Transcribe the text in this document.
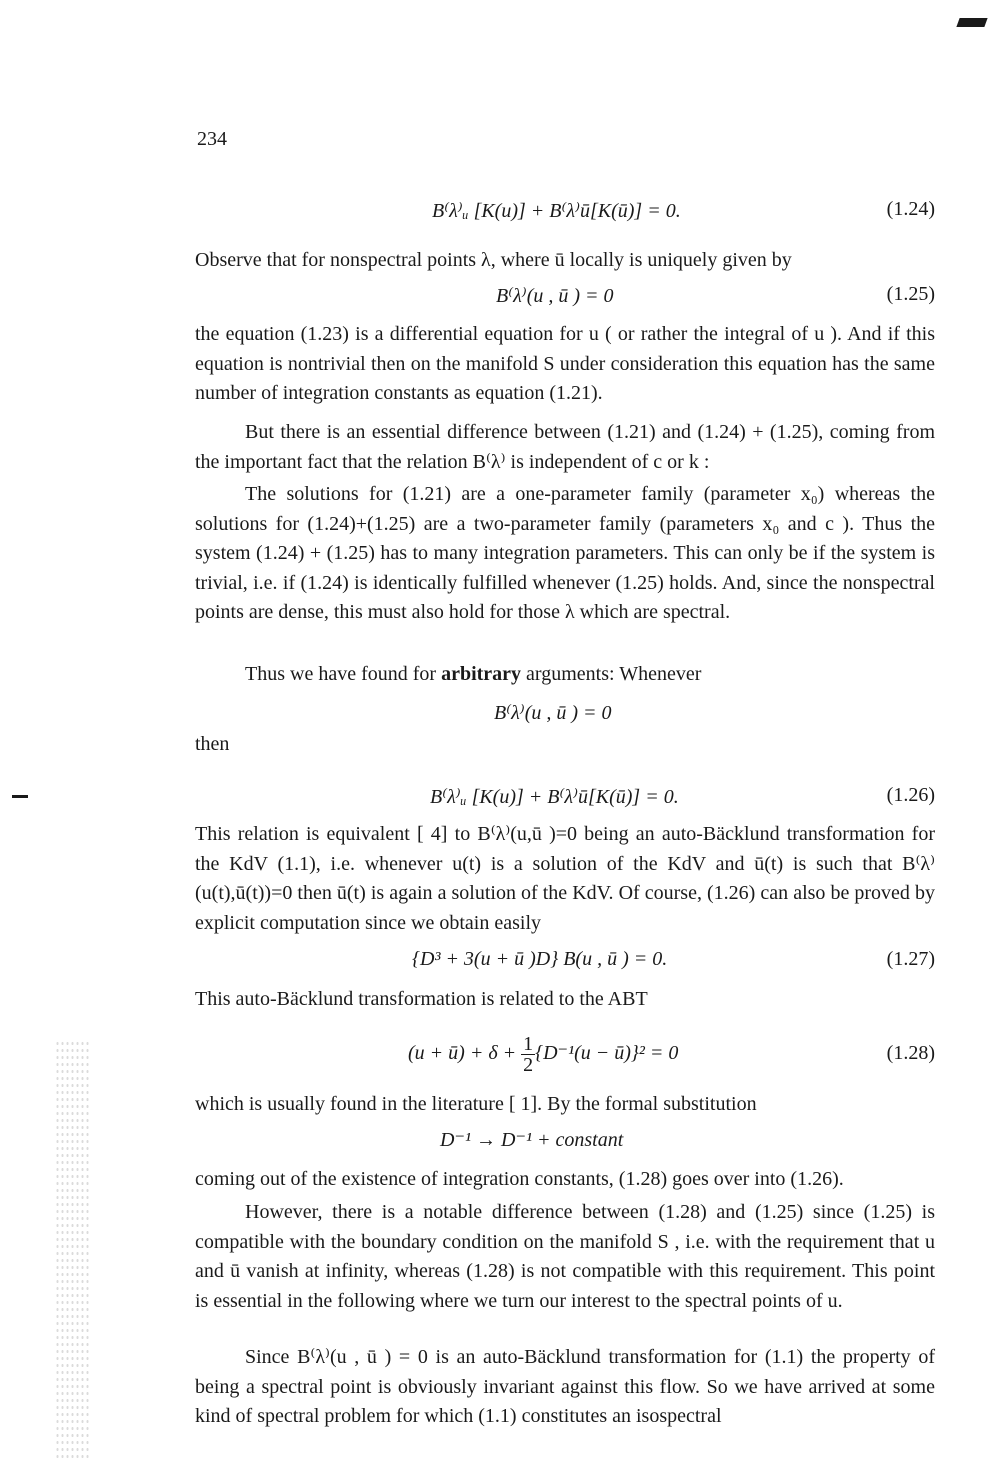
234
B⁽λ⁾ᵤ [K(u)] + B⁽λ⁾ū[K(ū)] = 0.	(1.24)
Observe that for nonspectral points λ, where ū locally is uniquely given by
B⁽λ⁾(u , ū ) = 0	(1.25)
the equation (1.23) is a differential equation for u ( or rather the integral of u ). And if this equation is nontrivial then on the manifold S under consideration this equation has the same number of integration constants as equation (1.21).
But there is an essential difference between (1.21) and (1.24) + (1.25), coming from the important fact that the relation B⁽λ⁾ is independent of c or k :
The solutions for (1.21) are a one-parameter family (parameter x₀) whereas the solutions for (1.24)+(1.25) are a two-parameter family (parameters x₀ and c ). Thus the system (1.24) + (1.25) has to many integration parameters. This can only be if the system is trivial, i.e. if (1.24) is identically fulfilled whenever (1.25) holds. And, since the nonspectral points are dense, this must also hold for those λ which are spectral.
Thus we have found for arbitrary arguments: Whenever
B⁽λ⁾(u , ū ) = 0
then
B⁽λ⁾ᵤ [K(u)] + B⁽λ⁾ū[K(ū)] = 0.	(1.26)
This relation is equivalent [ 4] to B⁽λ⁾(u,ū )=0 being an auto-Bäcklund transformation for the KdV (1.1), i.e. whenever u(t) is a solution of the KdV and ū(t) is such that B⁽λ⁾ (u(t),ū(t))=0 then ū(t) is again a solution of the KdV. Of course, (1.26) can also be proved by explicit computation since we obtain easily
{D³ + 3(u + ū )D} B(u , ū ) = 0.	(1.27)
This auto-Bäcklund transformation is related to the ABT
(u + ū) + $\delta + \frac{1}{2} \{D^{-1}(u$ − ū)}² = 0	(1.28)
which is usually found in the literature [ 1]. By the formal substitution
D⁻¹ → D⁻¹ + constant
coming out of the existence of integration constants, (1.28) goes over into (1.26).
However, there is a notable difference between (1.28) and (1.25) since (1.25) is compatible with the boundary condition on the manifold S , i.e. with the requirement that u and ū vanish at infinity, whereas (1.28) is not compatible with this requirement. This point is essential in the following where we turn our interest to the spectral points of u.
Since B⁽λ⁾(u , ū ) = 0 is an auto-Bäcklund transformation for (1.1) the property of being a spectral point is obviously invariant against this flow. So we have arrived at some kind of spectral problem for which (1.1) constitutes an isospectral
